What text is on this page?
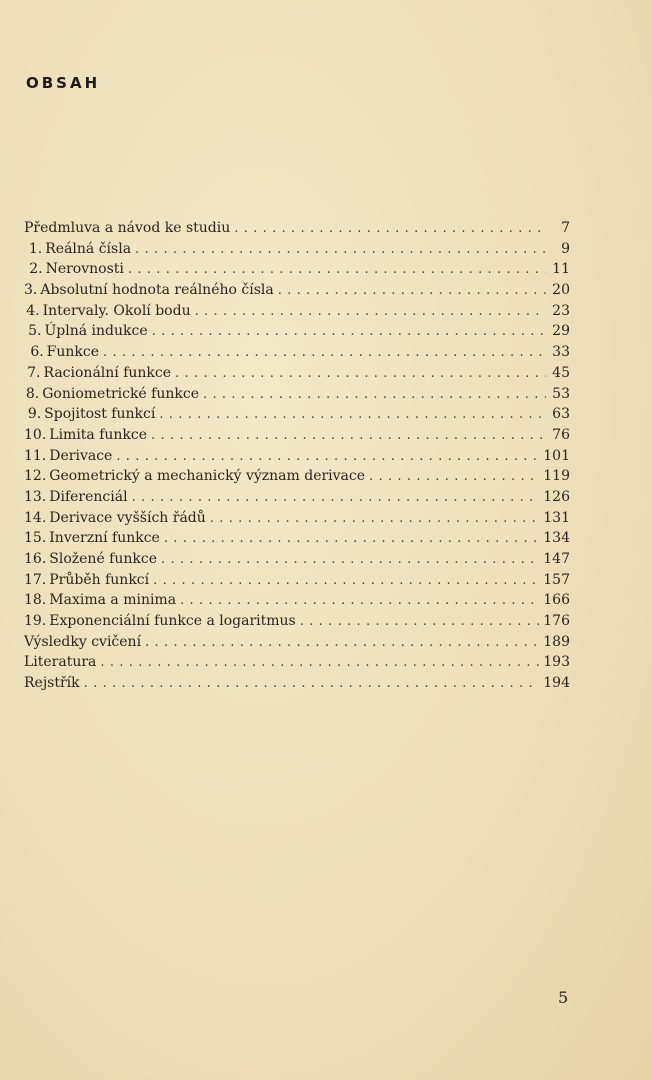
OBSAH
Předmluva a návod ke studiu . . .	7
1. Reálná čísla . . .	9
2. Nerovnosti . . .	11
3. Absolutní hodnota reálného čísla . . .	20
4. Intervaly. Okolí bodu . . .	23
5. Úplná indukce . . .	29
6. Funkce . . .	33
7. Racionální funkce . . .	45
8. Goniometrické funkce . . .	53
9. Spojitost funkcí . . .	63
10. Limita funkce . . .	76
11. Derivace . . .	101
12. Geometrický a mechanický význam derivace . . .	119
13. Diferenciál . . .	126
14. Derivace vyšších řádů . . .	131
15. Inverzní funkce . . .	134
16. Složené funkce . . .	147
17. Průběh funkcí . . .	157
18. Maxima a minima . . .	166
19. Exponenciální funkce a logaritmus . . .	176
Výsledky cvičení . . .	189
Literatura . . .	193
Rejstřík . . .	194
5
